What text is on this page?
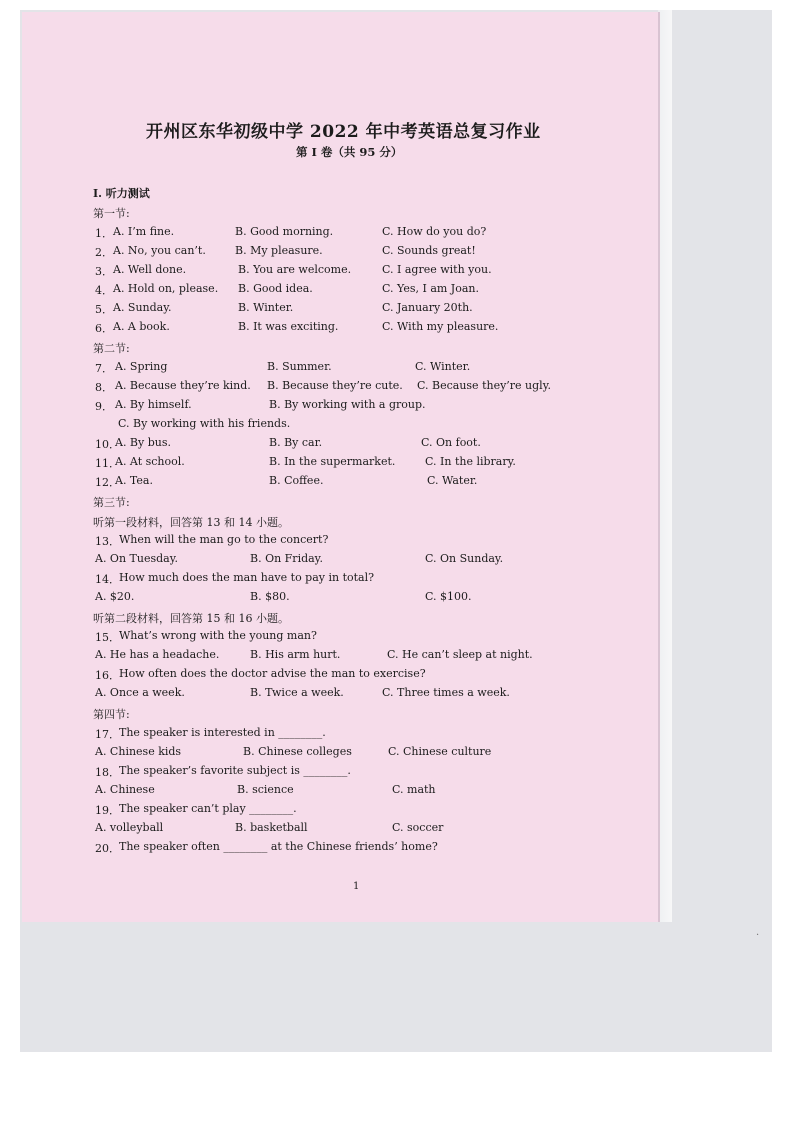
开州区东华初级中学 2022 年中考英语总复习作业
第 I 卷（共 95 分）
I. 听力测试
第一节:
1． A. I’m fine.	B. Good morning.	C. How do you do?
2． A. No, you can’t.	B. My pleasure.	C. Sounds great!
3． A. Well done.	B. You are welcome.	C. I agree with you.
4． A. Hold on, please. B. Good idea.	C. Yes, I am Joan.
5． A. Sunday.	B. Winter.	C. January 20th.
6． A. A book.	B. It was exciting.	C. With my pleasure.
第二节:
7． A. Spring	B. Summer.	C. Winter.
8． A. Because they’re kind. B. Because they’re cute. C. Because they’re ugly.
9． A. By himself.	B. By working with a group.
C. By working with his friends.
10．
A. By bus.	B. By car.	C. On foot.
11．
A. At school.	B. In the supermarket.	C. In the library.
12．
A. Tea.	B. Coffee.	C. Water.
第三节:
听第一段材料，回答第 13 和 14 小题。
13． When will the man go to the concert?
A. On Tuesday.	B. On Friday.	C. On Sunday.
14． How much does the man have to pay in total?
A. $20.	B. $80.	C. $100.
听第二段材料，回答第 15 和 16 小题。
15． What’s wrong with the young man?
A. He has a headache.	B. His arm hurt.	C. He can’t sleep at night.
16． How often does the doctor advise the man to exercise?
A. Once a week.	B. Twice a week.	C. Three times a week.
第四节:
17． The speaker is interested in ________.
A. Chinese kids	B. Chinese colleges	C. Chinese culture
18． The speaker’s favorite subject is ________.
A. Chinese	B. science	C. math
19． The speaker can’t play ________.
A. volleyball	B. basketball	C. soccer
20． The speaker often ________ at the Chinese friends’ home?
1
·
